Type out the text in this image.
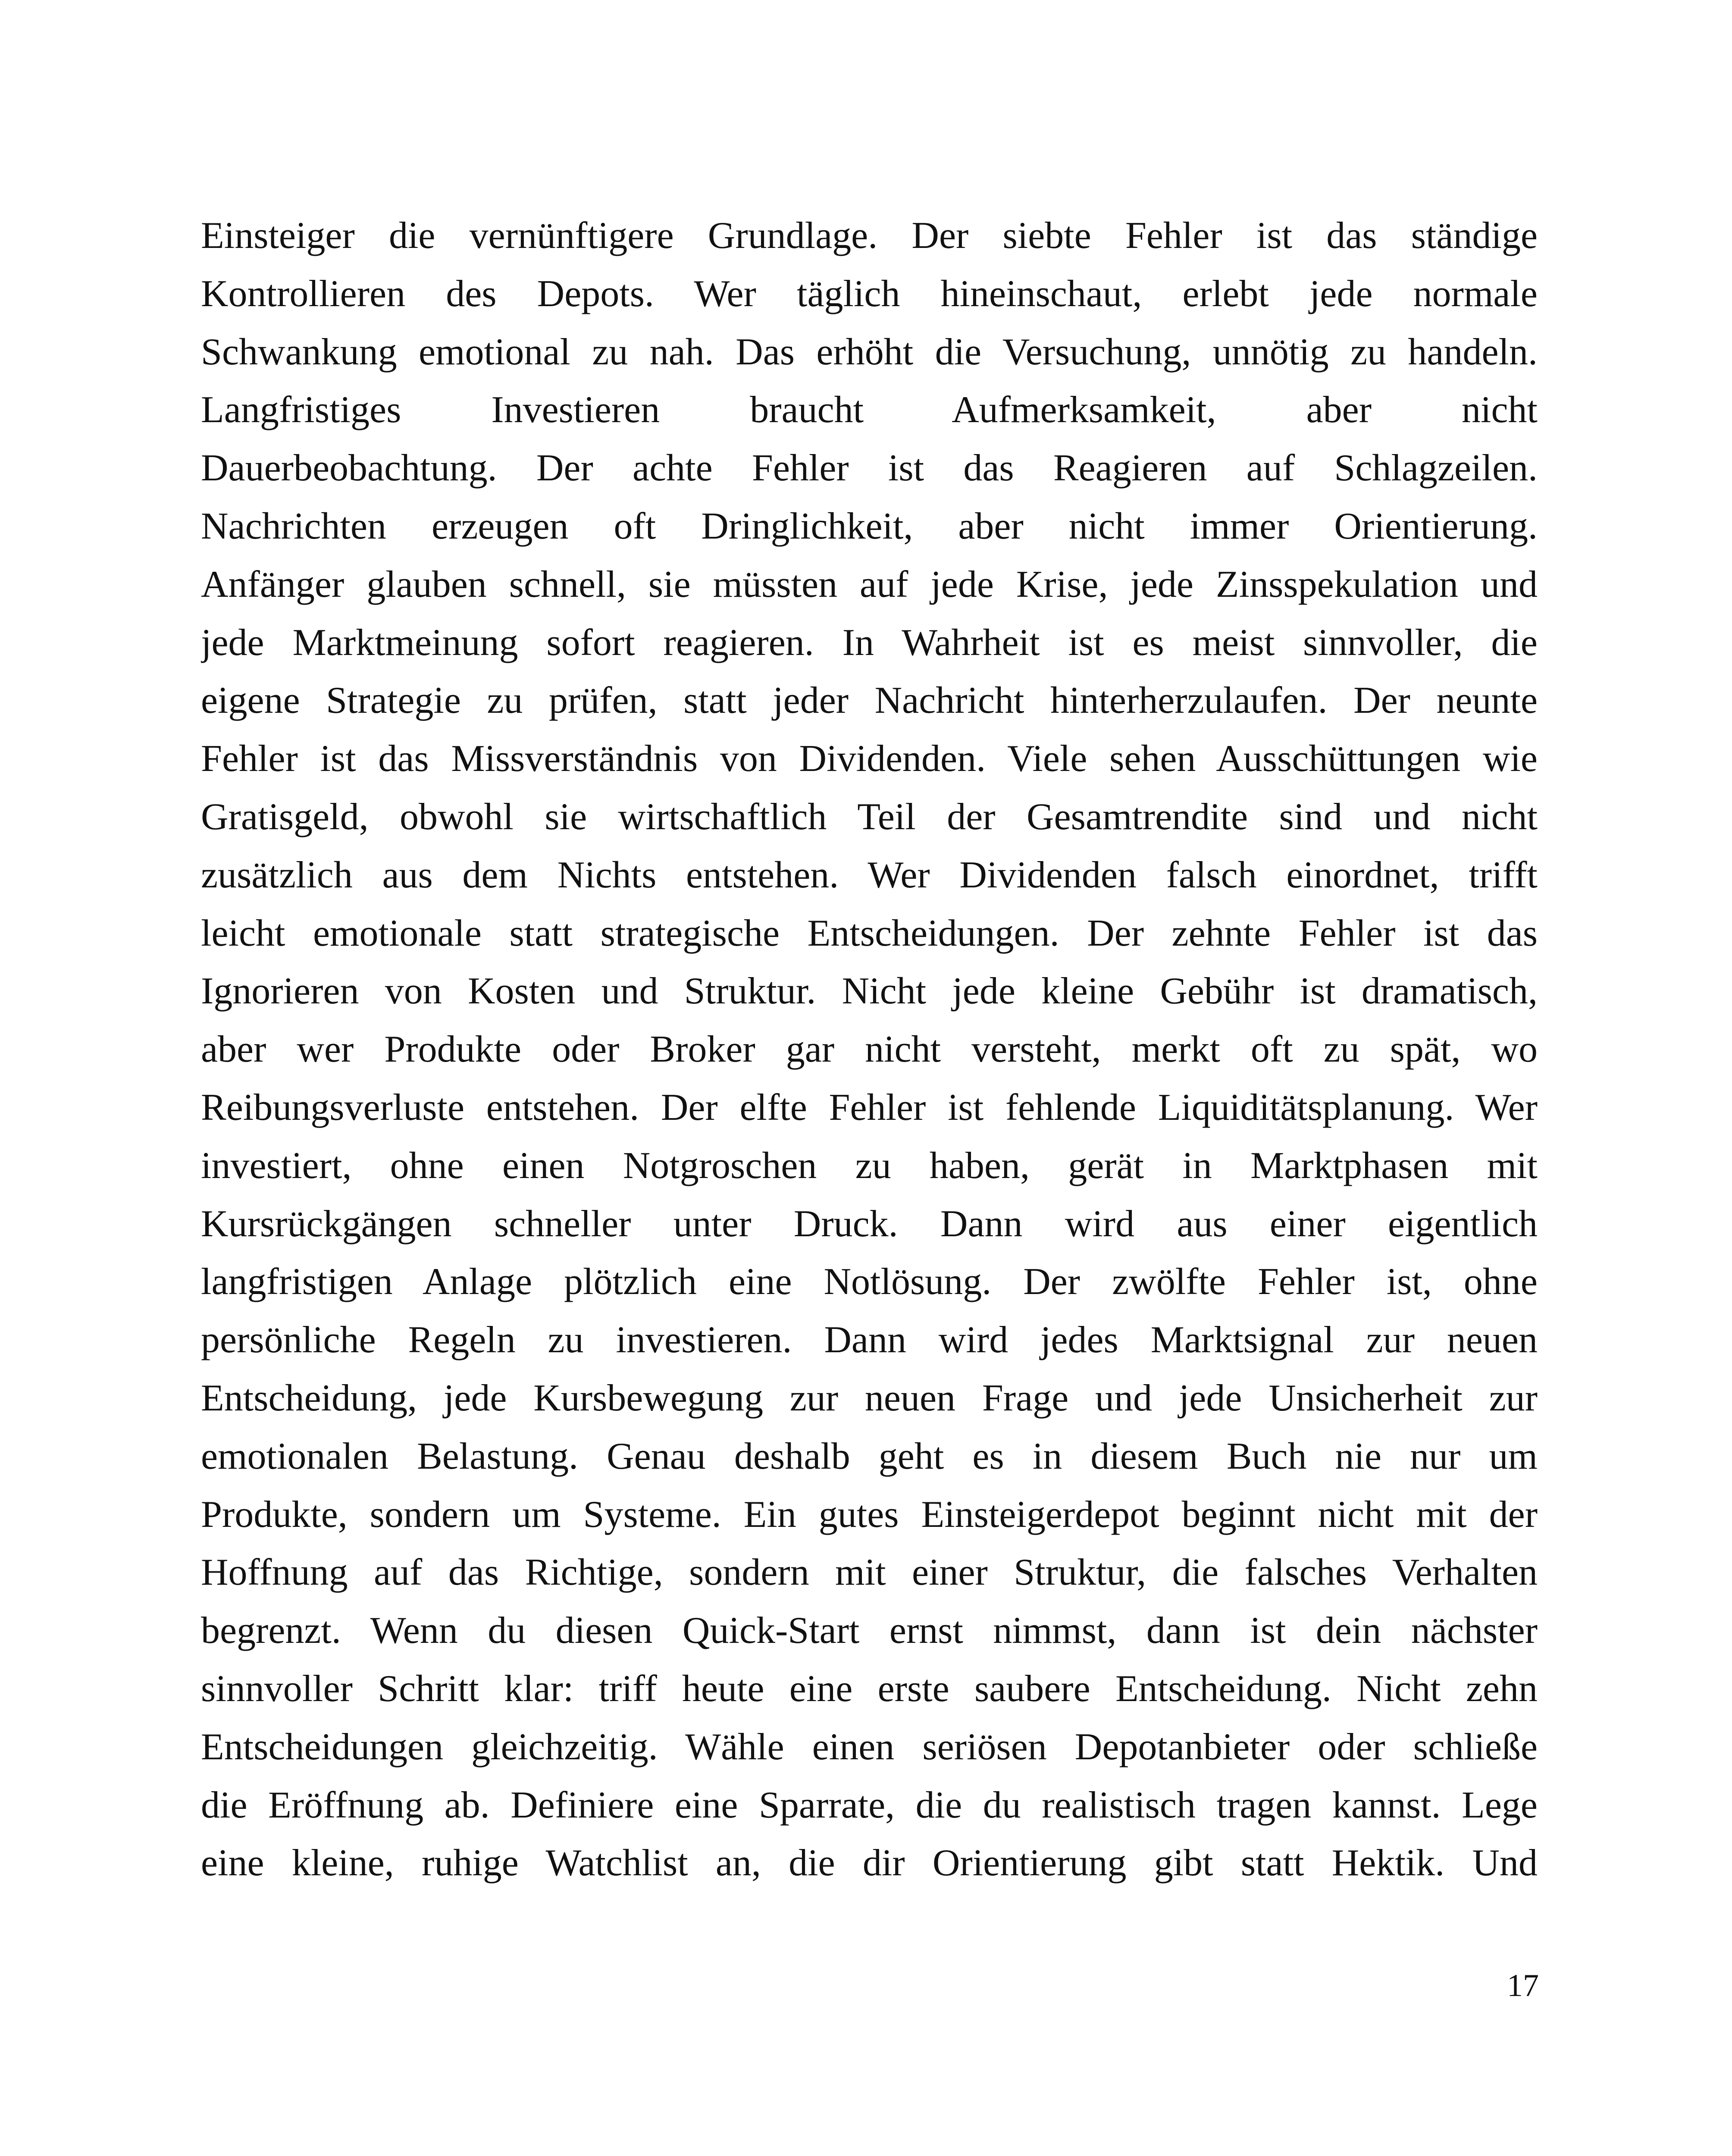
Einsteiger die vernünftigere Grundlage. Der siebte Fehler ist das ständige
Kontrollieren des Depots. Wer täglich hineinschaut, erlebt jede normale
Schwankung emotional zu nah. Das erhöht die Versuchung, unnötig zu handeln.
Langfristiges Investieren braucht Aufmerksamkeit, aber nicht
Dauerbeobachtung. Der achte Fehler ist das Reagieren auf Schlagzeilen.
Nachrichten erzeugen oft Dringlichkeit, aber nicht immer Orientierung.
Anfänger glauben schnell, sie müssten auf jede Krise, jede Zinsspekulation und
jede Marktmeinung sofort reagieren. In Wahrheit ist es meist sinnvoller, die
eigene Strategie zu prüfen, statt jeder Nachricht hinterherzulaufen. Der neunte
Fehler ist das Missverständnis von Dividenden. Viele sehen Ausschüttungen wie
Gratisgeld, obwohl sie wirtschaftlich Teil der Gesamtrendite sind und nicht
zusätzlich aus dem Nichts entstehen. Wer Dividenden falsch einordnet, trifft
leicht emotionale statt strategische Entscheidungen. Der zehnte Fehler ist das
Ignorieren von Kosten und Struktur. Nicht jede kleine Gebühr ist dramatisch,
aber wer Produkte oder Broker gar nicht versteht, merkt oft zu spät, wo
Reibungsverluste entstehen. Der elfte Fehler ist fehlende Liquiditätsplanung. Wer
investiert, ohne einen Notgroschen zu haben, gerät in Marktphasen mit
Kursrückgängen schneller unter Druck. Dann wird aus einer eigentlich
langfristigen Anlage plötzlich eine Notlösung. Der zwölfte Fehler ist, ohne
persönliche Regeln zu investieren. Dann wird jedes Marktsignal zur neuen
Entscheidung, jede Kursbewegung zur neuen Frage und jede Unsicherheit zur
emotionalen Belastung. Genau deshalb geht es in diesem Buch nie nur um
Produkte, sondern um Systeme. Ein gutes Einsteigerdepot beginnt nicht mit der
Hoffnung auf das Richtige, sondern mit einer Struktur, die falsches Verhalten
begrenzt. Wenn du diesen Quick-Start ernst nimmst, dann ist dein nächster
sinnvoller Schritt klar: triff heute eine erste saubere Entscheidung. Nicht zehn
Entscheidungen gleichzeitig. Wähle einen seriösen Depotanbieter oder schließe
die Eröffnung ab. Definiere eine Sparrate, die du realistisch tragen kannst. Lege
eine kleine, ruhige Watchlist an, die dir Orientierung gibt statt Hektik. Und
17
